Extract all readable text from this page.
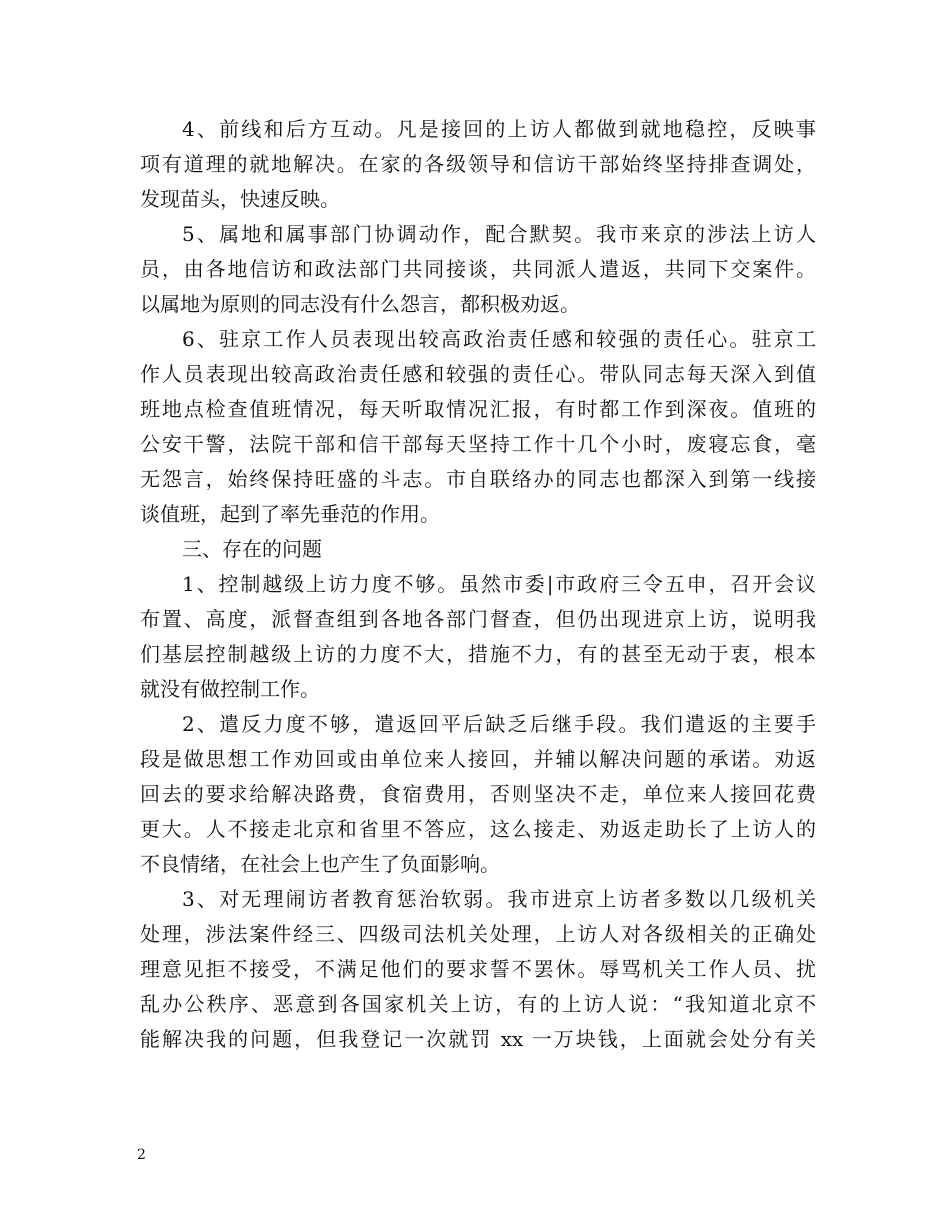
4、前线和后方互动。凡是接回的上访人都做到就地稳控，反映事
项有道理的就地解决。在家的各级领导和信访干部始终坚持排查调处，
发现苗头，快速反映。
5、属地和属事部门协调动作，配合默契。我市来京的涉法上访人
员，由各地信访和政法部门共同接谈，共同派人遣返，共同下交案件。
以属地为原则的同志没有什么怨言，都积极劝返。
6、驻京工作人员表现出较高政治责任感和较强的责任心。驻京工
作人员表现出较高政治责任感和较强的责任心。带队同志每天深入到值
班地点检查值班情况，每天听取情况汇报，有时都工作到深夜。值班的
公安干警，法院干部和信干部每天坚持工作十几个小时，废寝忘食，毫
无怨言，始终保持旺盛的斗志。市自联络办的同志也都深入到第一线接
谈值班，起到了率先垂范的作用。
三、存在的问题
1、控制越级上访力度不够。虽然市委|市政府三令五申，召开会议
布置、高度，派督查组到各地各部门督查，但仍出现进京上访，说明我
们基层控制越级上访的力度不大，措施不力，有的甚至无动于衷，根本
就没有做控制工作。
2、遣反力度不够，遣返回平后缺乏后继手段。我们遣返的主要手
段是做思想工作劝回或由单位来人接回，并辅以解决问题的承诺。劝返
回去的要求给解决路费，食宿费用，否则坚决不走，单位来人接回花费
更大。人不接走北京和省里不答应，这么接走、劝返走助长了上访人的
不良情绪，在社会上也产生了负面影响。
3、对无理闹访者教育惩治软弱。我市进京上访者多数以几级机关
处理，涉法案件经三、四级司法机关处理，上访人对各级相关的正确处
理意见拒不接受，不满足他们的要求誓不罢休。辱骂机关工作人员、扰
乱办公秩序、恶意到各国家机关上访，有的上访人说：“我知道北京不
能解决我的问题，但我登记一次就罚 xx 一万块钱，上面就会处分有关
2
